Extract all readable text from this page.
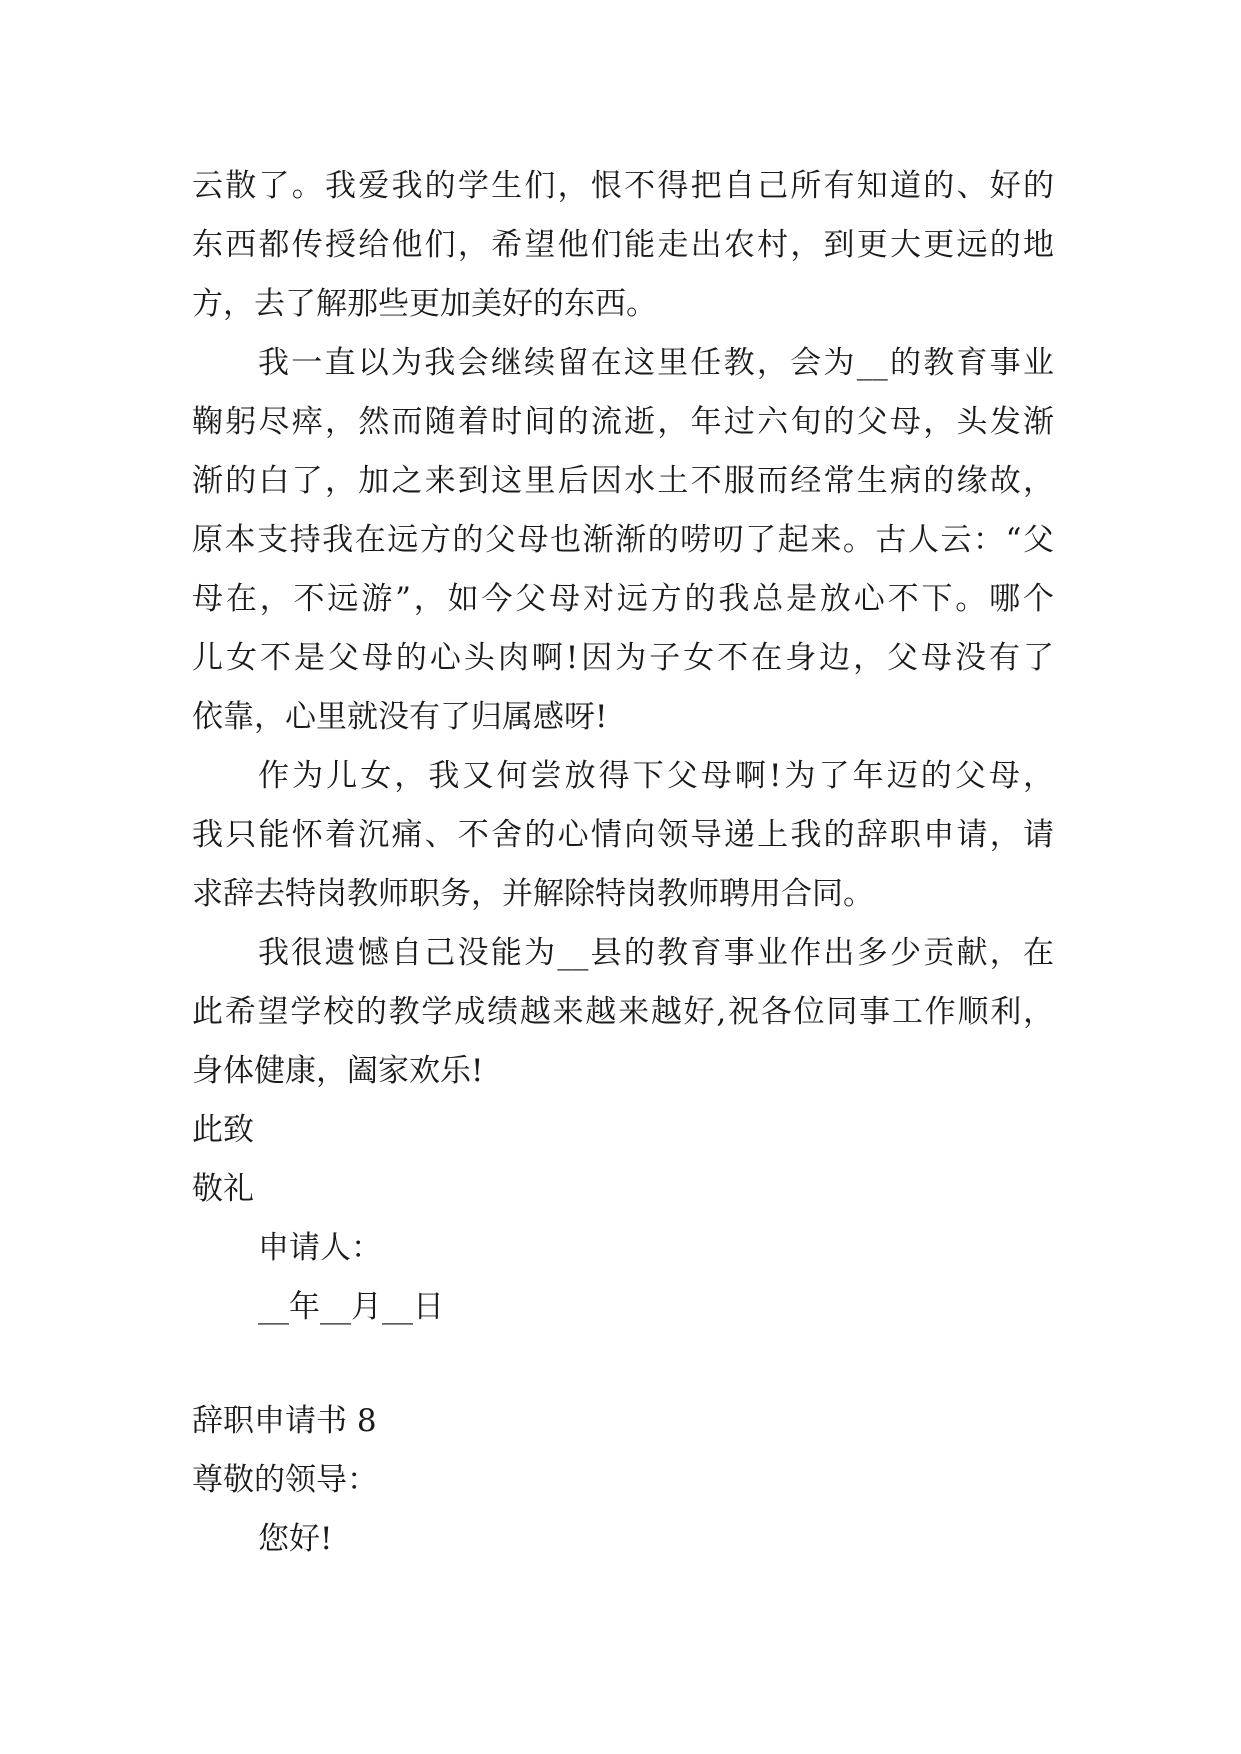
云散了。我爱我的学生们，恨不得把自己所有知道的、好的
东西都传授给他们，希望他们能走出农村，到更大更远的地
方，去了解那些更加美好的东西。
我一直以为我会继续留在这里任教，会为__的教育事业
鞠躬尽瘁，然而随着时间的流逝，年过六旬的父母，头发渐
渐的白了，加之来到这里后因水土不服而经常生病的缘故，
原本支持我在远方的父母也渐渐的唠叨了起来。古人云：“父
母在，不远游”，如今父母对远方的我总是放心不下。哪个
儿女不是父母的心头肉啊!因为子女不在身边，父母没有了
依靠，心里就没有了归属感呀!
作为儿女，我又何尝放得下父母啊!为了年迈的父母，
我只能怀着沉痛、不舍的心情向领导递上我的辞职申请，请
求辞去特岗教师职务，并解除特岗教师聘用合同。
我很遗憾自己没能为__县的教育事业作出多少贡献，在
此希望学校的教学成绩越来越来越好,祝各位同事工作顺利，
身体健康，阖家欢乐!
此致
敬礼
申请人：
__年__月__日
辞职申请书 8
尊敬的领导：
您好!
